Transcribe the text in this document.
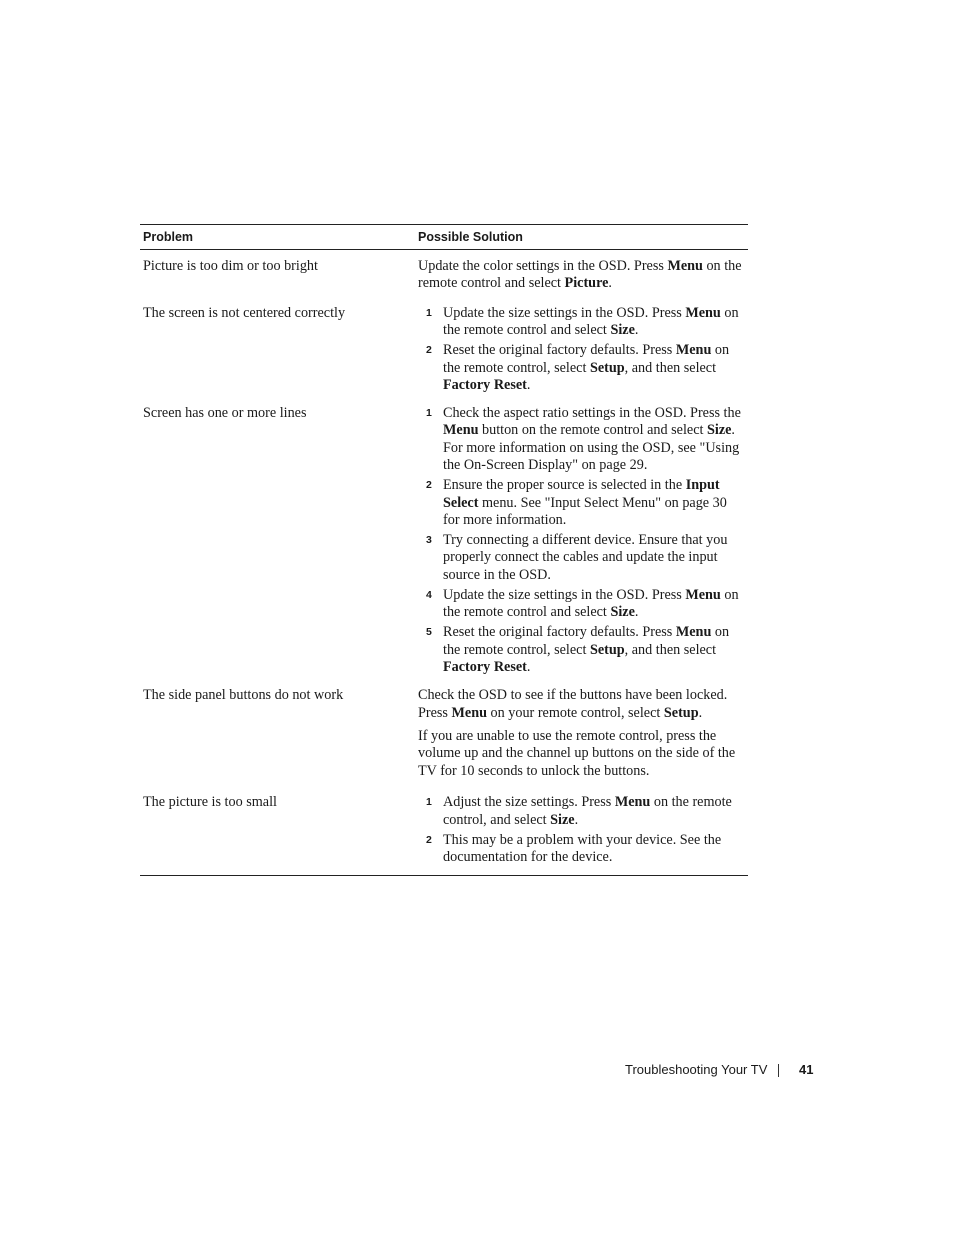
Problem	Possible Solution
Picture is too dim or too bright	Update the color settings in the OSD. Press Menu on the remote control and select Picture.

The screen is not centered correctly	1 Update the size settings in the OSD. Press Menu on the remote control and select Size.
2 Reset the original factory defaults. Press Menu on the remote control, select Setup, and then select Factory Reset.
Screen has one or more lines	1 Check the aspect ratio settings in the OSD. Press the Menu button on the remote control and select Size. For more information on using the OSD, see "Using the On-Screen Display" on page 29.
2 Ensure the proper source is selected in the Input Select menu. See "Input Select Menu" on page 30 for more information.
3 Try connecting a different device. Ensure that you properly connect the cables and update the input source in the OSD.
4 Update the size settings in the OSD. Press Menu on the remote control and select Size.
5 Reset the original factory defaults. Press Menu on the remote control, select Setup, and then select Factory Reset.
The side panel buttons do not work	Check the OSD to see if the buttons have been locked. Press Menu on your remote control, select Setup.

If you are unable to use the remote control, press the volume up and the channel up buttons on the side of the TV for 10 seconds to unlock the buttons.

The picture is too small	1 Adjust the size settings. Press Menu on the remote control, and select Size.
2 This may be a problem with your device. See the documentation for the device.
Troubleshooting Your TV 41
